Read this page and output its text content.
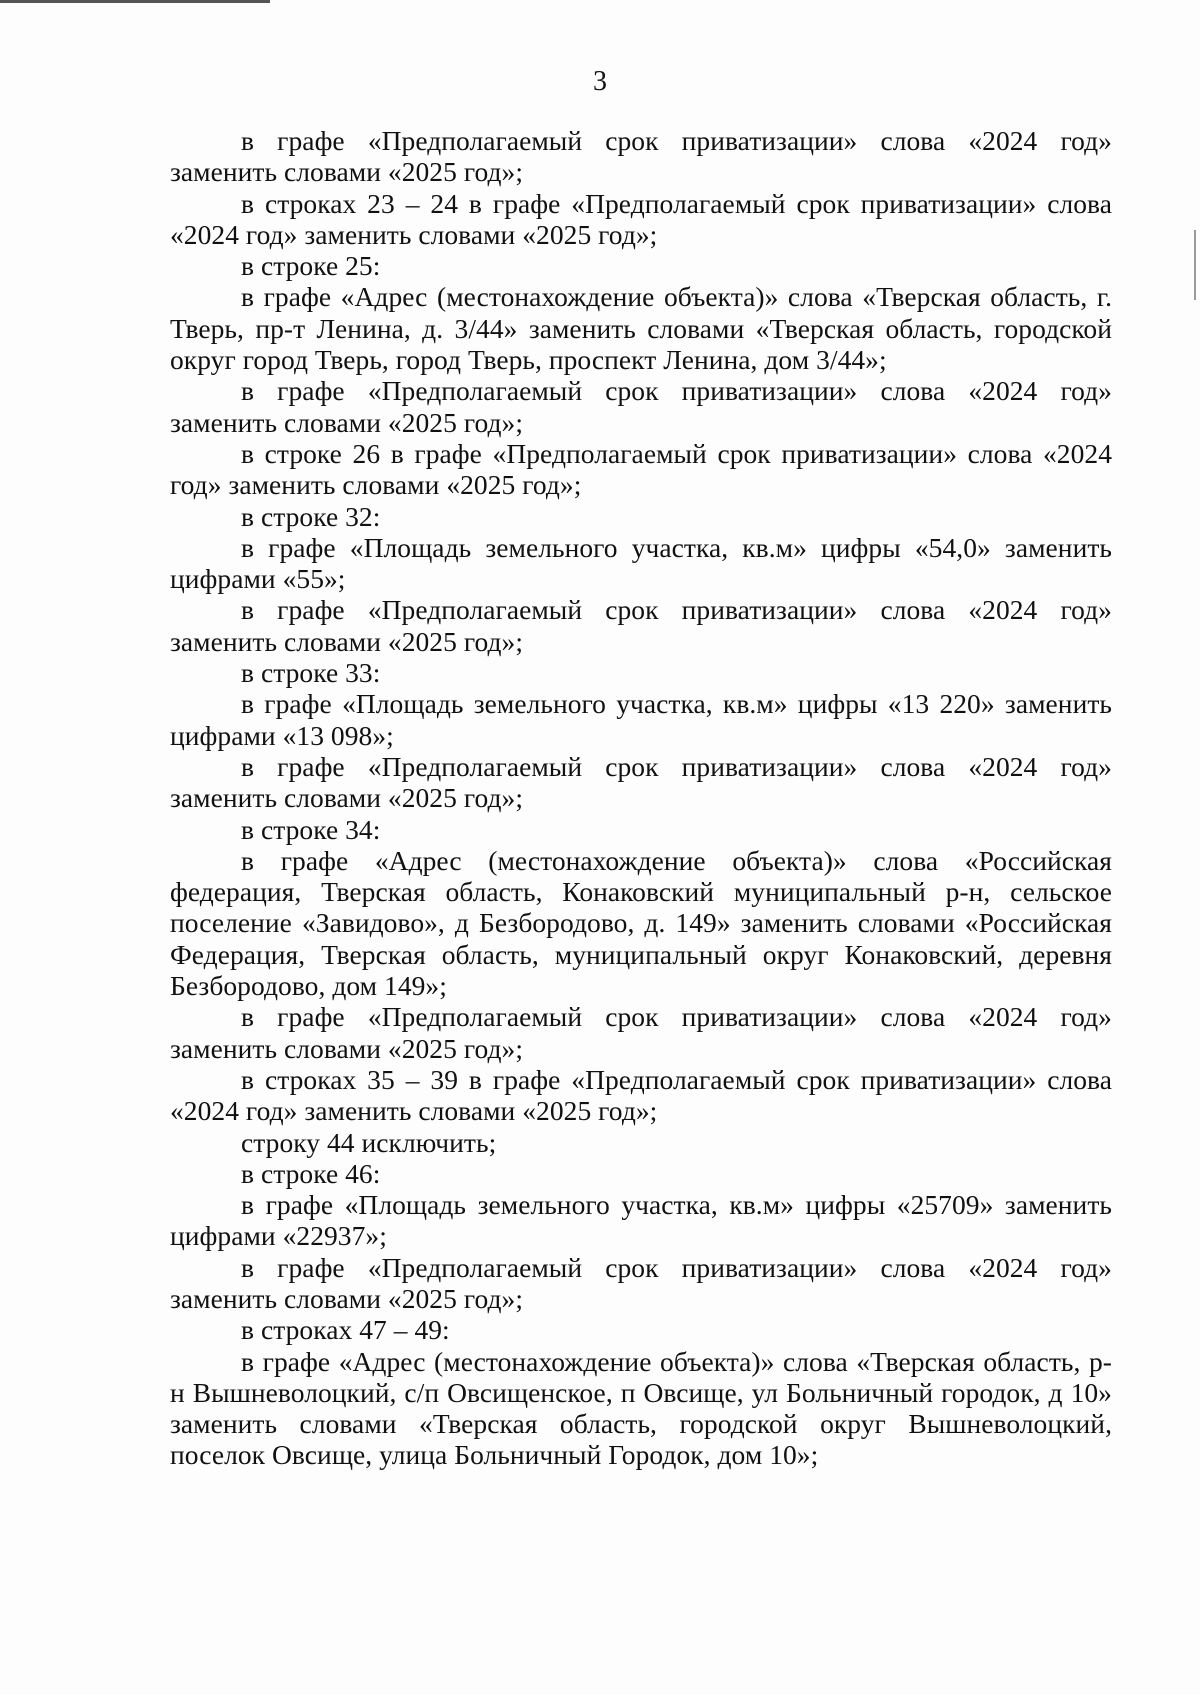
3

в графе «Предполагаемый срок приватизации» слова «2024 год» заменить словами «2025 год»;

в строках 23 – 24 в графе «Предполагаемый срок приватизации» слова «2024 год» заменить словами «2025 год»;

в строке 25:

в графе «Адрес (местонахождение объекта)» слова «Тверская область, г. Тверь, пр-т Ленина, д. 3/44» заменить словами «Тверская область, городской округ город Тверь, город Тверь, проспект Ленина, дом 3/44»;

в графе «Предполагаемый срок приватизации» слова «2024 год» заменить словами «2025 год»;

в строке 26 в графе «Предполагаемый срок приватизации» слова «2024 год» заменить словами «2025 год»;

в строке 32:

в графе «Площадь земельного участка, кв.м» цифры «54,0» заменить цифрами «55»;

в графе «Предполагаемый срок приватизации» слова «2024 год» заменить словами «2025 год»;

в строке 33:

в графе «Площадь земельного участка, кв.м» цифры «13 220» заменить цифрами «13 098»;

в графе «Предполагаемый срок приватизации» слова «2024 год» заменить словами «2025 год»;

в строке 34:

в графе «Адрес (местонахождение объекта)» слова «Российская федерация, Тверская область, Конаковский муниципальный р-н, сельское поселение «Завидово», д Безбородово, д. 149» заменить словами «Российская Федерация, Тверская область, муниципальный округ Конаковский, деревня Безбородово, дом 149»;

в графе «Предполагаемый срок приватизации» слова «2024 год» заменить словами «2025 год»;

в строках 35 – 39 в графе «Предполагаемый срок приватизации» слова «2024 год» заменить словами «2025 год»;

строку 44 исключить;

в строке 46:

в графе «Площадь земельного участка, кв.м» цифры «25709» заменить цифрами «22937»;

в графе «Предполагаемый срок приватизации» слова «2024 год» заменить словами «2025 год»;

в строках 47 – 49:

в графе «Адрес (местонахождение объекта)» слова «Тверская область, р-н Вышневолоцкий, с/п Овсищенское, п Овсище, ул Больничный городок, д 10» заменить словами «Тверская область, городской округ Вышневолоцкий, поселок Овсище, улица Больничный Городок, дом 10»;
